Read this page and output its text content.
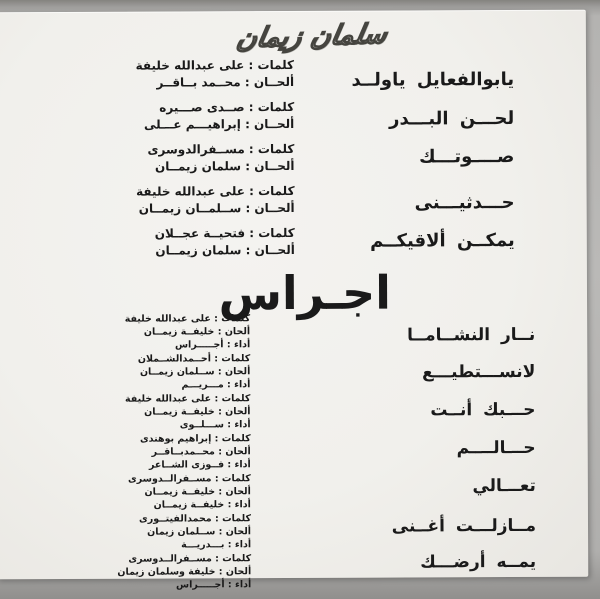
سلمان زيمان
يابوالفعايل ياولــد
لحـــن البـــدر
صــــوتـــك
حـــدثيـــنى
يمكــن ألاقيكــم
كلمات : على عبدالله خليفة
ألحــان : محــمد بــاقــر
كلمات : صــدى صـــيره
ألحــان : إبراهيـــم عـــلى
كلمات : مســفرالدوسرى
ألحــان : سلمان زيمــان
كلمات : على عبدالله خليفة
ألحــان : ســلمــان زيمــان
كلمات : فتحيــة عجــلان
ألحــان : سلمان زيمــان
اجـراس
نــار النشــامــا
لانســـتطيـــع
حـــبك أنــت
حـــالــــم
تعـــالي
مــازلـــت أغــنى
يمــه أرضـــك
كلمات : على عبدالله خليفة
ألحان : خليفــة زيمــان
أداء : أجـــــراس
كلمات : أحــمدالشــملان
ألحان : ســلمان زيمــان
أداء : مـــريـــم
كلمات : على عبدالله خليفة
ألحان : خليفــة زيمــان
أداء : ســـلــوى
كلمات : إبراهيم بوهندى
ألحان : محــمدبــاقــر
أداء : فــوزى الشــاعر
كلمات : مســفرالــدوسرى
ألحان : خليفــة زيمــان
أداء : خليفــة زيمــان
كلمات : محمدالفيتــورى
ألحان : ســلمان زيمان
أداء : بـــدريـــة
كلمات : مســفرالــدوسرى
ألحان : خليفة وسلمان زيمان
أداء : أجـــــراس
